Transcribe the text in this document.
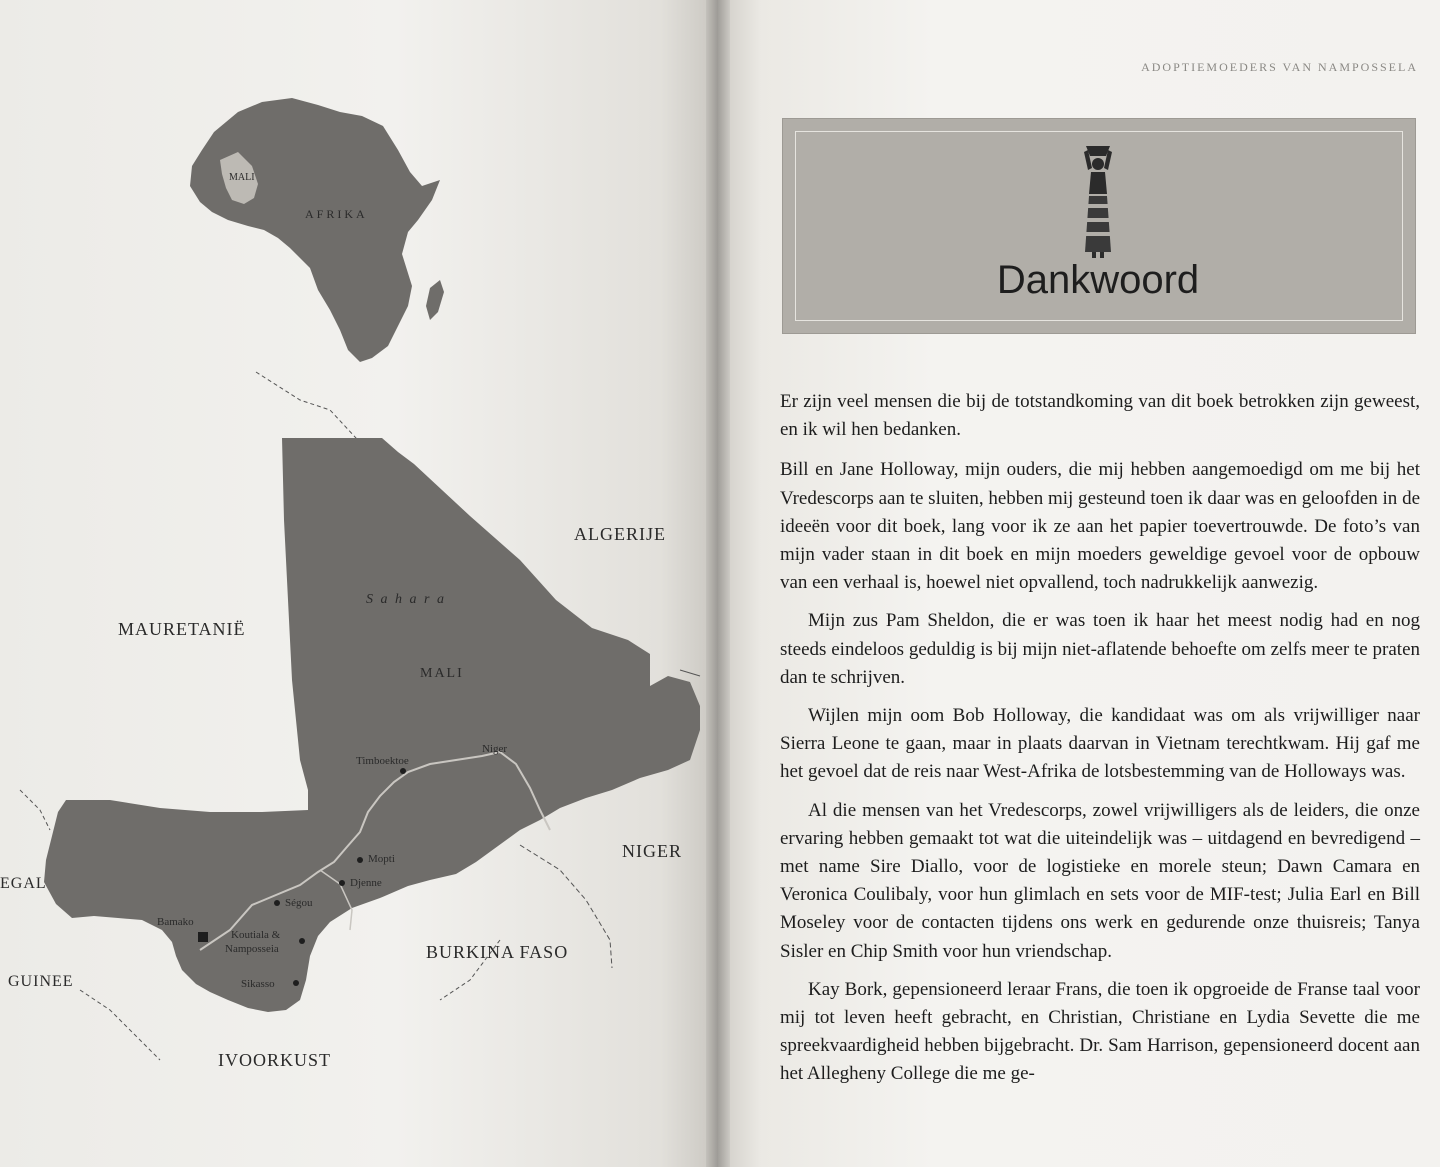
MALI
AFRIKA
ALGERIJE
MAURETANIË
S a h a r a
MALI
NIGER
EGAL
GUINEE
BURKINA FASO
IVOORKUST
Niger
Timboektoe
Mopti
Djenne
Ségou
Bamako
Koutiala &
Namposseia
Sikasso
ADOPTIEMOEDERS VAN NAMPOSSELA
Dankwoord

Er zijn veel mensen die bij de totstandkoming van dit boek betrokken zijn geweest, en ik wil hen bedanken.

Bill en Jane Holloway, mijn ouders, die mij hebben aangemoedigd om me bij het Vredescorps aan te sluiten, hebben mij gesteund toen ik daar was en geloofden in de ideeën voor dit boek, lang voor ik ze aan het papier toevertrouwde. De foto’s van mijn vader staan in dit boek en mijn moeders geweldige gevoel voor de opbouw van een verhaal is, hoewel niet opvallend, toch nadrukkelijk aanwezig.

Mijn zus Pam Sheldon, die er was toen ik haar het meest nodig had en nog steeds eindeloos geduldig is bij mijn niet-aflatende behoefte om zelfs meer te praten dan te schrijven.

Wijlen mijn oom Bob Holloway, die kandidaat was om als vrijwilliger naar Sierra Leone te gaan, maar in plaats daarvan in Vietnam terechtkwam. Hij gaf me het gevoel dat de reis naar West-Afrika de lotsbestemming van de Holloways was.

Al die mensen van het Vredescorps, zowel vrijwilligers als de leiders, die onze ervaring hebben gemaakt tot wat die uiteindelijk was – uitdagend en bevredigend – met name Sire Diallo, voor de logistieke en morele steun; Dawn Camara en Veronica Coulibaly, voor hun glimlach en sets voor de MIF-test; Julia Earl en Bill Moseley voor de contacten tijdens ons werk en gedurende onze thuisreis; Tanya Sisler en Chip Smith voor hun vriendschap.

Kay Bork, gepensioneerd leraar Frans, die toen ik opgroeide de Franse taal voor mij tot leven heeft gebracht, en Christian, Christiane en Lydia Sevette die me spreekvaardigheid hebben bijgebracht. Dr. Sam Harrison, gepensioneerd docent aan het Allegheny College die me ge-
